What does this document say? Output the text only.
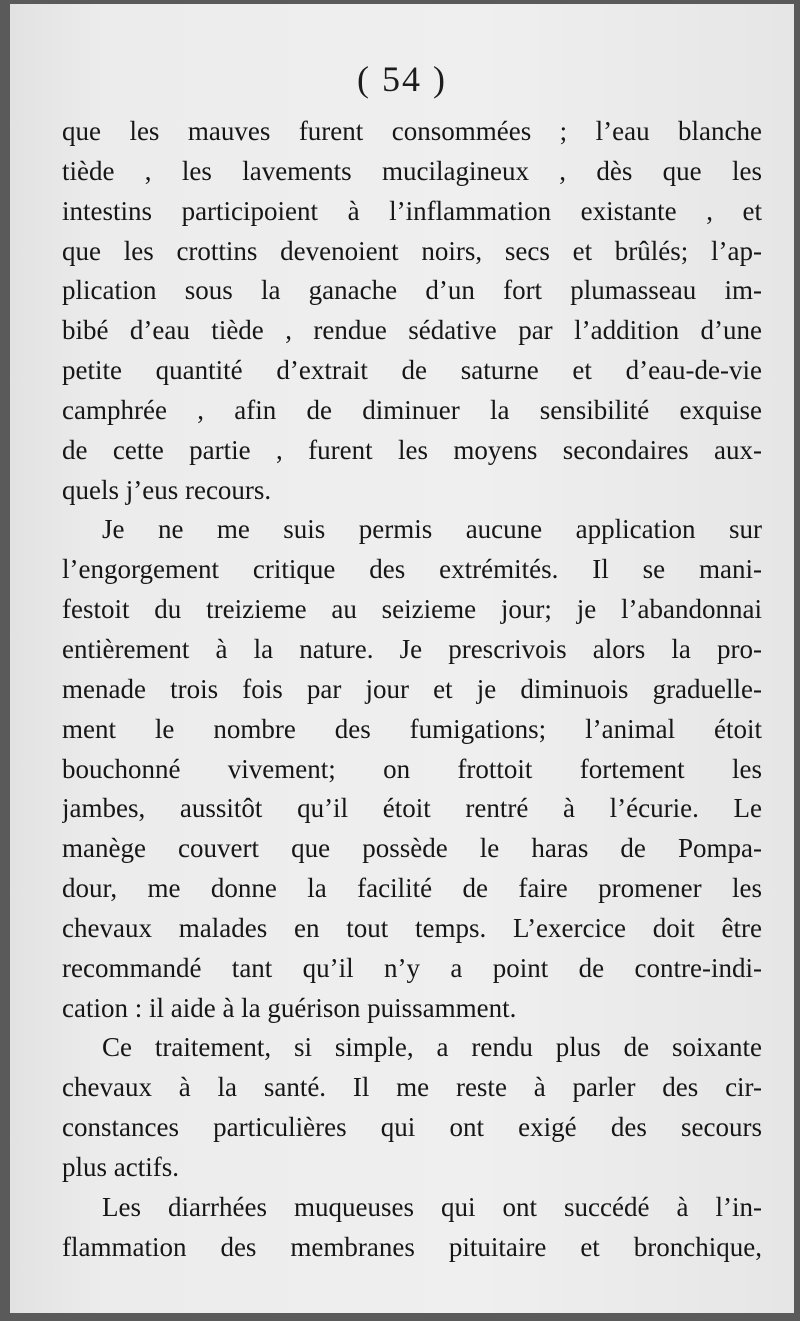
( 54 )
que les mauves furent consommées ; l’eau blanche
tiède , les lavements mucilagineux , dès que les
intestins participoient à l’inflammation existante , et
que les crottins devenoient noirs, secs et brûlés; l’ap-
plication sous la ganache d’un fort plumasseau im-
bibé d’eau tiède , rendue sédative par l’addition d’une
petite quantité d’extrait de saturne et d’eau-de-vie
camphrée , afin de diminuer la sensibilité exquise
de cette partie , furent les moyens secondaires aux-
quels j’eus recours.
Je ne me suis permis aucune application sur
l’engorgement critique des extrémités. Il se mani-
festoit du treizieme au seizieme jour; je l’abandonnai
entièrement à la nature. Je prescrivois alors la pro-
menade trois fois par jour et je diminuois graduelle-
ment le nombre des fumigations; l’animal étoit
bouchonné vivement; on frottoit fortement les
jambes, aussitôt qu’il étoit rentré à l’écurie. Le
manège couvert que possède le haras de Pompa-
dour, me donne la facilité de faire promener les
chevaux malades en tout temps. L’exercice doit être
recommandé tant qu’il n’y a point de contre-indi-
cation : il aide à la guérison puissamment.
Ce traitement, si simple, a rendu plus de soixante
chevaux à la santé. Il me reste à parler des cir-
constances particulières qui ont exigé des secours
plus actifs.
Les diarrhées muqueuses qui ont succédé à l’in-
flammation des membranes pituitaire et bronchique,
